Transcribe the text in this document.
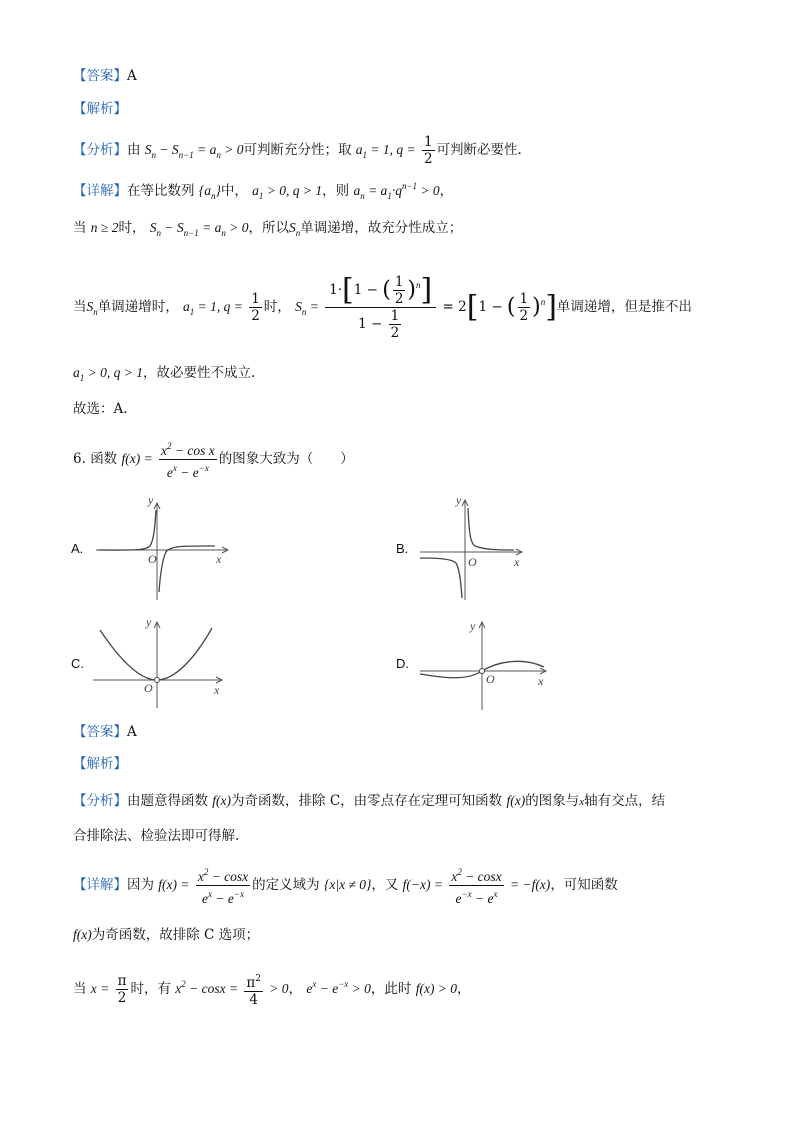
【答案】A
【解析】
【分析】由 $S_n - S_{n-1} = a_n > 0$可判断充分性；取 $a_1 = 1$, $q = \frac{1}{2}$ 可判断必要性.
【详解】在等比数列 $\{a_n\}$中， $a_1 > 0$, q > 1，则 $a_n = a_1\cdot q^{n-1} > 0$，
当 n ≥ 2时， $S_n - S_{n-1} = a_n > 0$，所以$S_n$单调递增，故充分性成立；
当$S_n$单调递增时， $a_1 = 1$, $q = \frac{1}{2}$ 时， $S_n = \frac{1\cdot[1 - ( \frac{1}{2} )^n]}{1 - \frac{1}{2}} = 2[1$ − ( $\frac{1}{2} )^n$]单调递增，但是推不出
$a_1 > 0$, q > 1，故必要性不成立.
故选：A.
6. 函数 $f(x) = \frac{x^2 - \cos x}{e^x - e^{-x}}$ 的图象大致为（　　）
A.	B.
C.	D.
y
x
O
y
x
O
y
x
O
y
x
O
【答案】A
【解析】
【分析】由题意得函数 f(x)为奇函数，排除 C，由零点存在定理可知函数 f(x)的图象与x轴有交点，结
合排除法、检验法即可得解.
【详解】因为 $f(x) = \frac{x^2 - \cos x}{e^x - e^{-x}}$ 的定义域为 {x|x ≠ 0}，又 $f(-x) = \frac{x^2 - \cos x}{e^{-x} - e^x} = -f(x)$，可知函数
f(x)为奇函数，故排除 C 选项；
当 $x = \frac{\pi}{2}$ 时，有 $x^2 - \cos x = \frac{\pi^2}{4} > 0$， $e^x - e^{-x} > 0$，此时 f(x) > 0，
